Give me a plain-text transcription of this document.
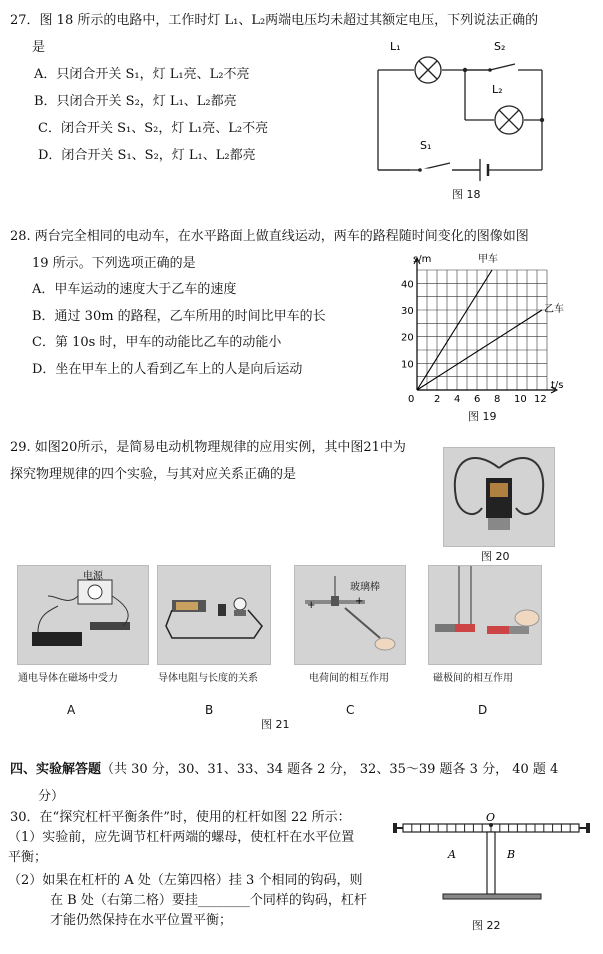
27．图 18 所示的电路中，工作时灯 L₁、L₂两端电压均未超过其额定电压，下列说法正确的
是
A．只闭合开关 S₁，灯 L₁亮、L₂不亮
B．只闭合开关 S₂，灯 L₁、L₂都亮
C．闭合开关 S₁、S₂，灯 L₁亮、L₂不亮
D．闭合开关 S₁、S₂，灯 L₁、L₂都亮
L₁	S₂
L₂
S₁
图 18
28. 两台完全相同的电动车，在水平路面上做直线运动，两车的路程随时间变化的图像如图
19 所示。下列选项正确的是
A．甲车运动的速度大于乙车的速度
B．通过 30m 的路程，乙车所用的时间比甲车的长
C．第 10s 时，甲车的动能比乙车的动能小
D．坐在甲车上的人看到乙车上的人是向后运动
0 2 4 6 8 10 12
10
20
30
40
s/m
t/s
甲车
乙车
图 19
29. 如图20所示，是简易电动机物理规律的应用实例，其中图21中为
探究物理规律的四个实验，与其对应关系正确的是
图 20
电源
+
+
玻璃棒
通电导体在磁场中受力	导体电阻与长度的关系	电荷间的相互作用	磁极间的相互作用
A	B	C	D
图 21
四、实验解答题（共 30 分，30、31、33、34 题各 2 分， 32、35～39 题各 3 分， 40 题 4
分）
30．在“探究杠杆平衡条件”时，使用的杠杆如图 22 所示：
（1）实验前，应先调节杠杆两端的螺母，使杠杆在水平位置
平衡；
（2）如果在杠杆的 A 处（左第四格）挂 3 个相同的钩码，则
在 B 处（右第二格）要挂________个同样的钩码，杠杆
才能仍然保持在水平位置平衡；
O
A	B
图 22
